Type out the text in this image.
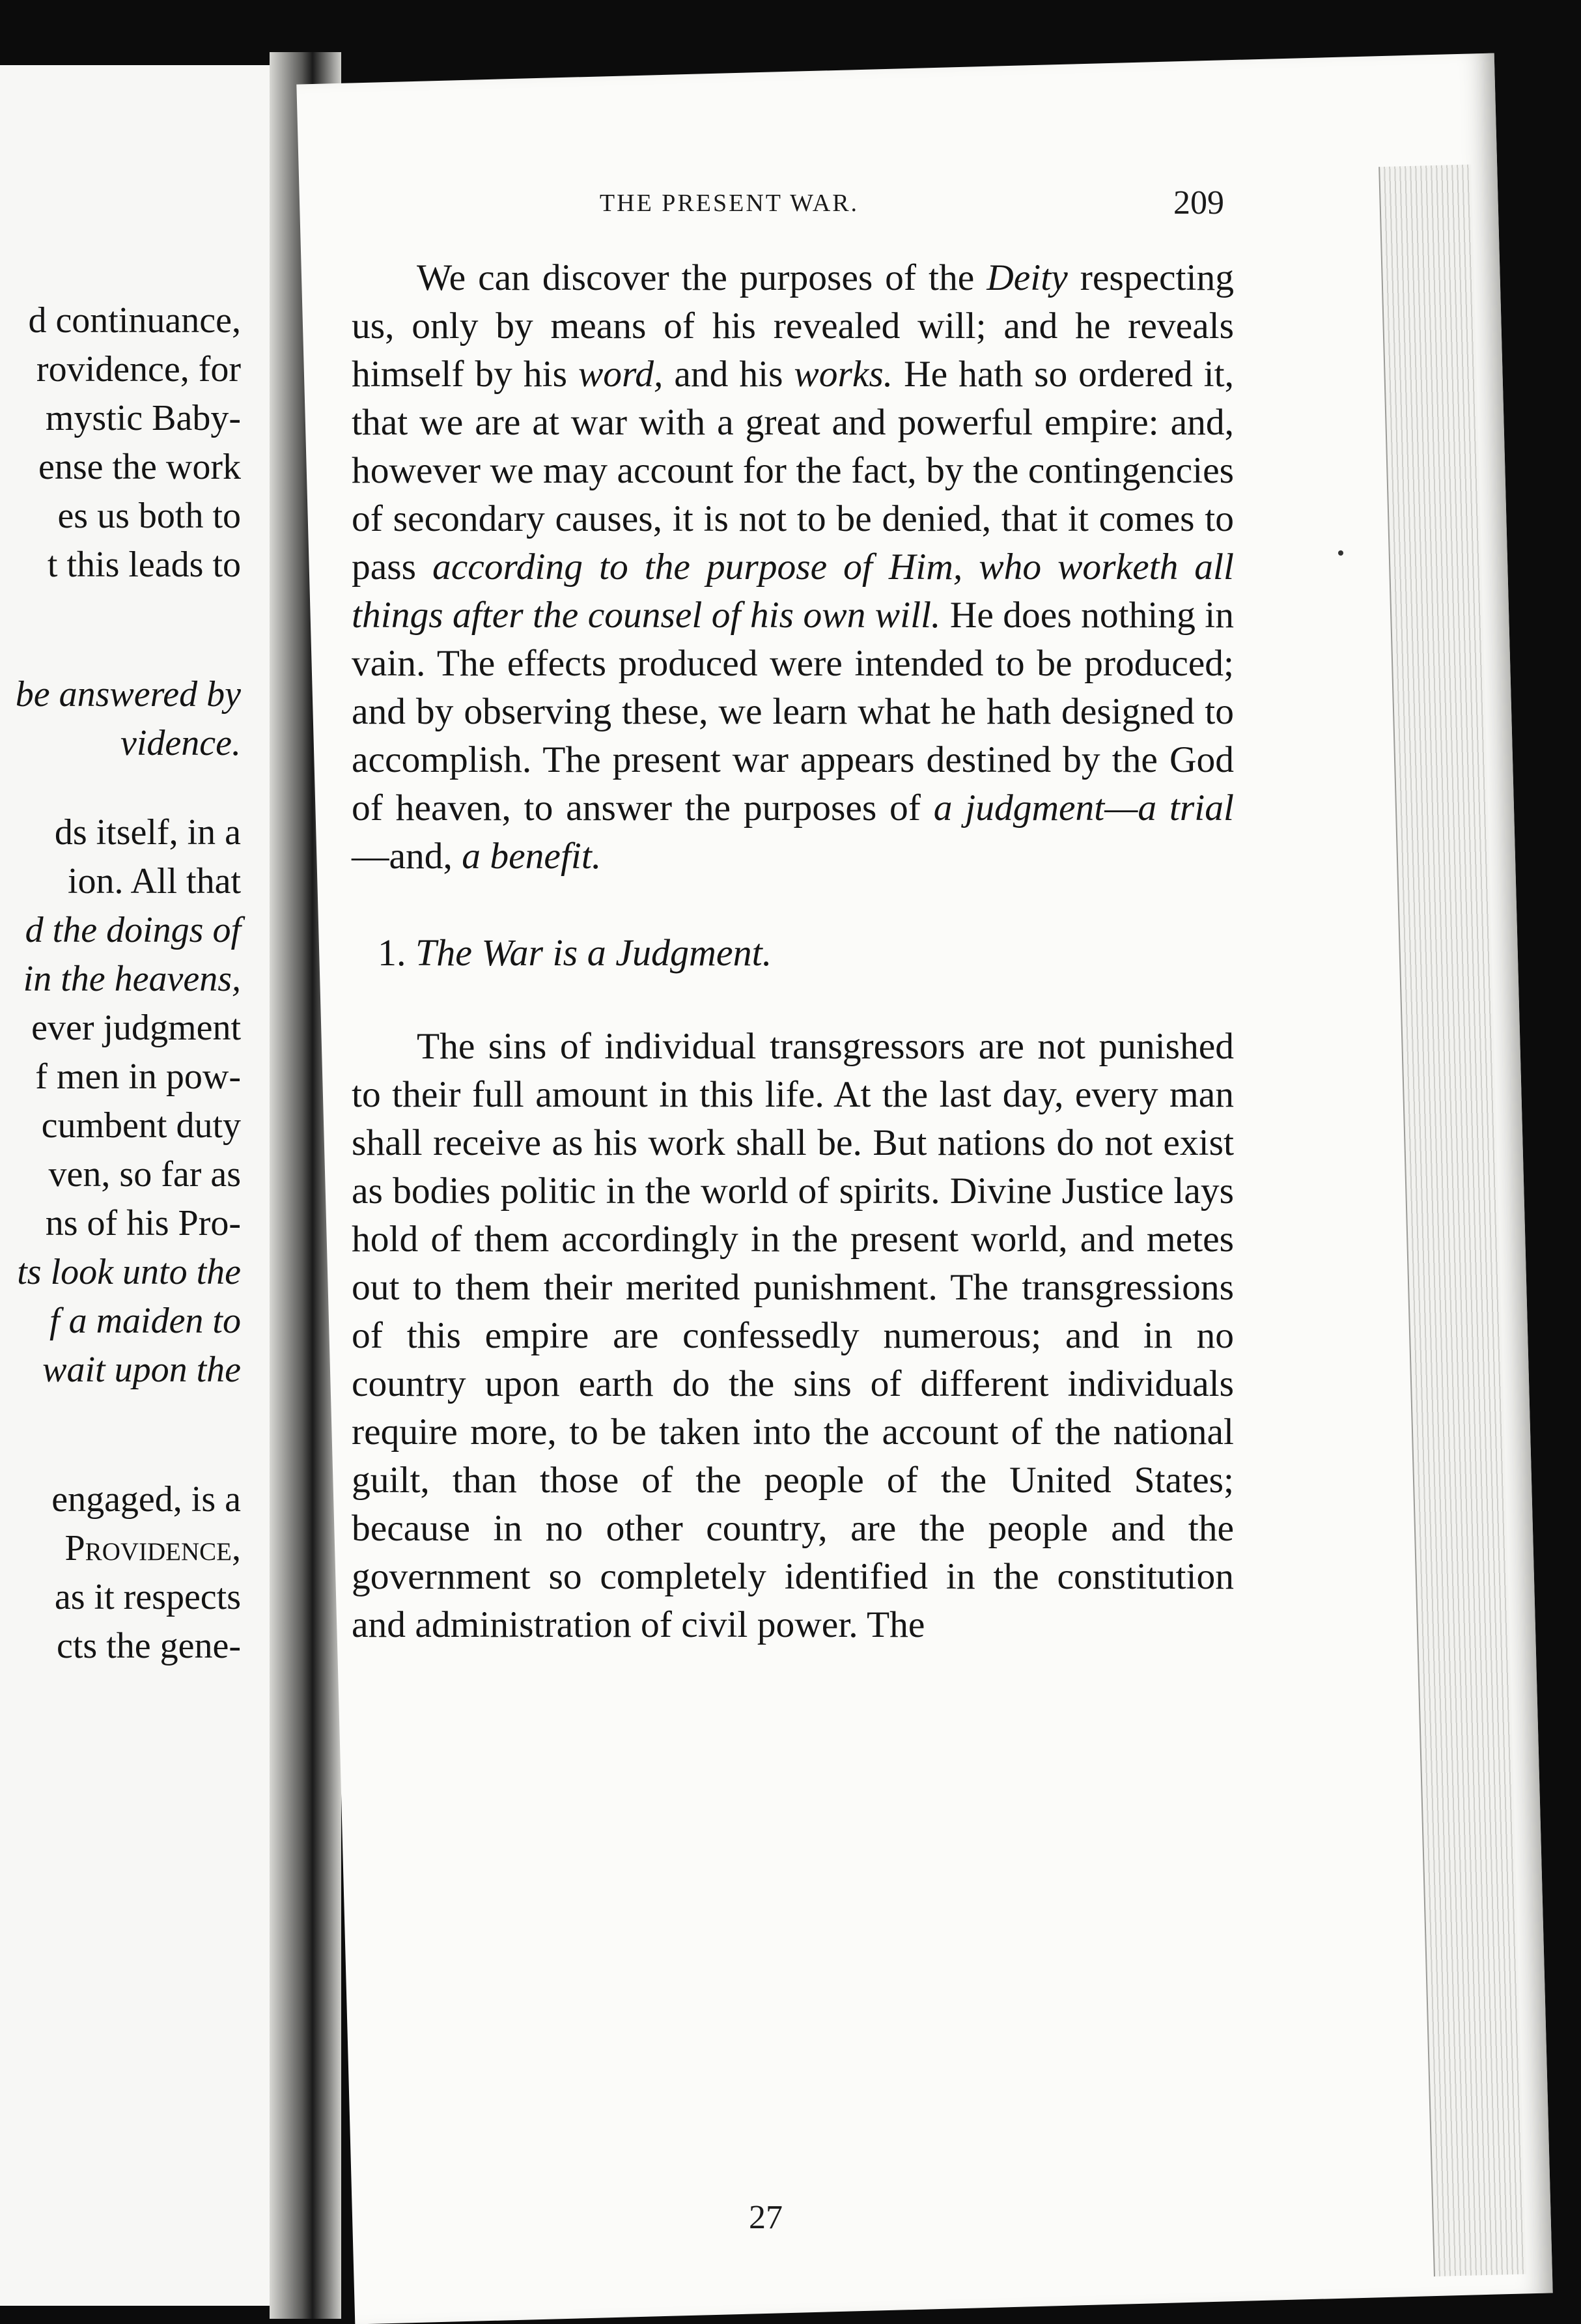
d continuance,
rovidence, for
mystic Baby-
ense the work
es us both to
t this leads to
be answered by
vidence.
ds itself, in a
ion. All that
d the doings of
in the heavens,
ever judgment
f men in pow-
cumbent duty
ven, so far as
ns of his Pro-
ts look unto the
f a maiden to
wait upon the
engaged, is a
Providence,
as it respects
cts the gene-
THE PRESENT WAR.	209

We can discover the purposes of the Deity respecting us, only by means of his revealed will; and he reveals himself by his word, and his works. He hath so ordered it, that we are at war with a great and powerful empire: and, however we may account for the fact, by the contingencies of secondary causes, it is not to be denied, that it comes to pass according to the purpose of Him, who worketh all things after the counsel of his own will. He does nothing in vain. The effects produced were intended to be produced; and by observing these, we learn what he hath designed to accomplish. The present war appears destined by the God of heaven, to answer the purposes of a judgment—a trial—and, a benefit.

1. The War is a Judgment.

The sins of individual transgressors are not punished to their full amount in this life. At the last day, every man shall receive as his work shall be. But nations do not exist as bodies politic in the world of spirits. Divine Justice lays hold of them accordingly in the present world, and metes out to them their merited punishment. The transgressions of this empire are confessedly numerous; and in no country upon earth do the sins of different individuals require more, to be taken into the account of the national guilt, than those of the people of the United States; because in no other country, are the people and the government so completely identified in the constitution and administration of civil power. The

27
